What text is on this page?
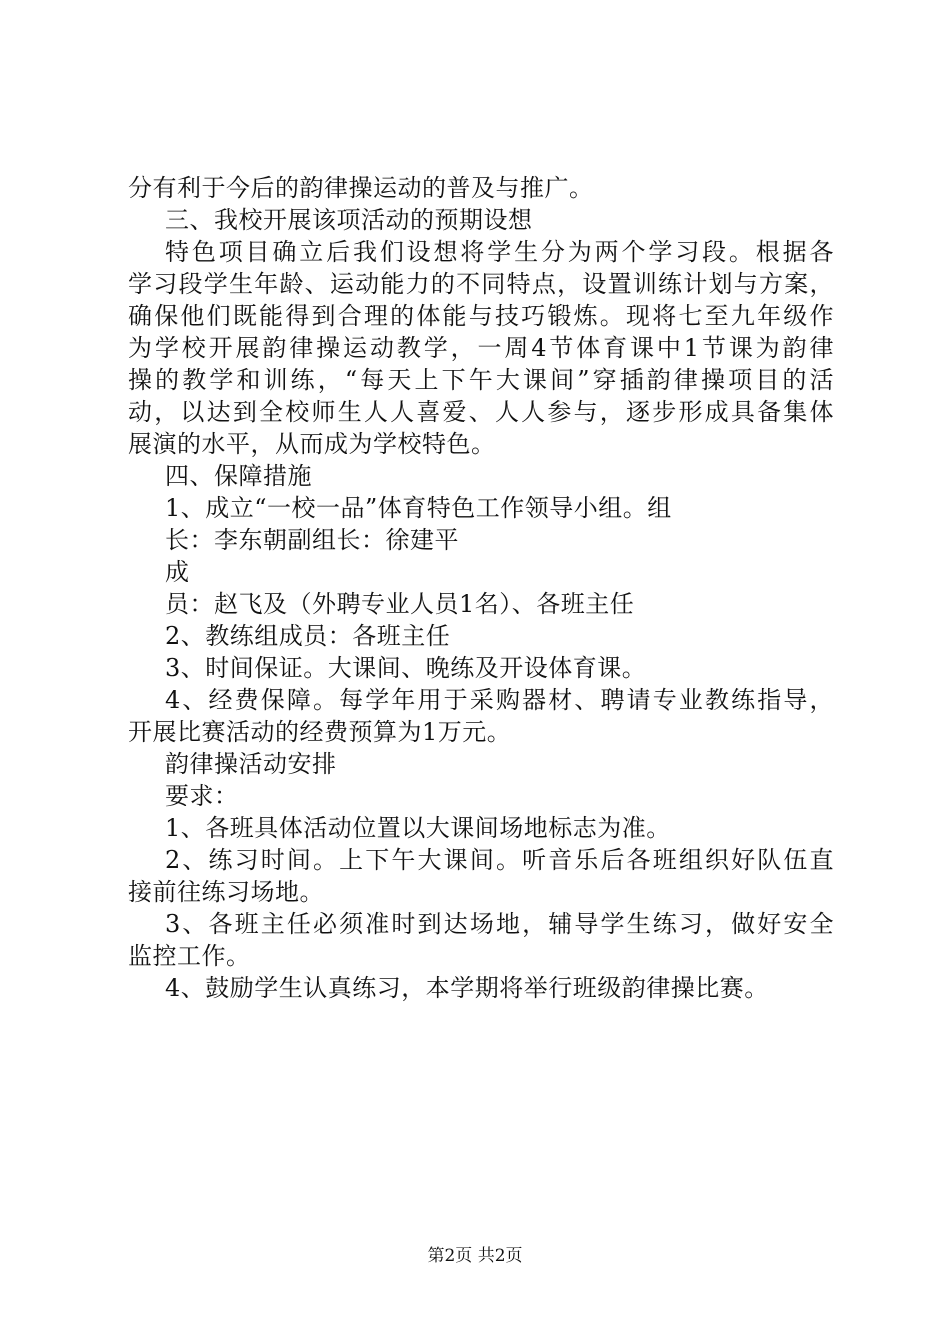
分有利于今后的韵律操运动的普及与推广。
三、我校开展该项活动的预期设想
特色项目确立后我们设想将学生分为两个学习段。根据各
学习段学生年龄、运动能力的不同特点，设置训练计划与方案，
确保他们既能得到合理的体能与技巧锻炼。现将七至九年级作
为学校开展韵律操运动教学，一周4节体育课中1节课为韵律
操的教学和训练，“每天上下午大课间”穿插韵律操项目的活
动，以达到全校师生人人喜爱、人人参与，逐步形成具备集体
展演的水平，从而成为学校特色。
四、保障措施
1、成立“一校一品”体育特色工作领导小组。组
长：李东朝副组长：徐建平
成
员：赵飞及（外聘专业人员1名）、各班主任
2、教练组成员：各班主任
3、时间保证。大课间、晚练及开设体育课。
4、经费保障。每学年用于采购器材、聘请专业教练指导，
开展比赛活动的经费预算为1万元。
韵律操活动安排
要求：
1、各班具体活动位置以大课间场地标志为准。
2、练习时间。上下午大课间。听音乐后各班组织好队伍直
接前往练习场地。
3、各班主任必须准时到达场地，辅导学生练习，做好安全
监控工作。
4、鼓励学生认真练习，本学期将举行班级韵律操比赛。
第2页 共2页
